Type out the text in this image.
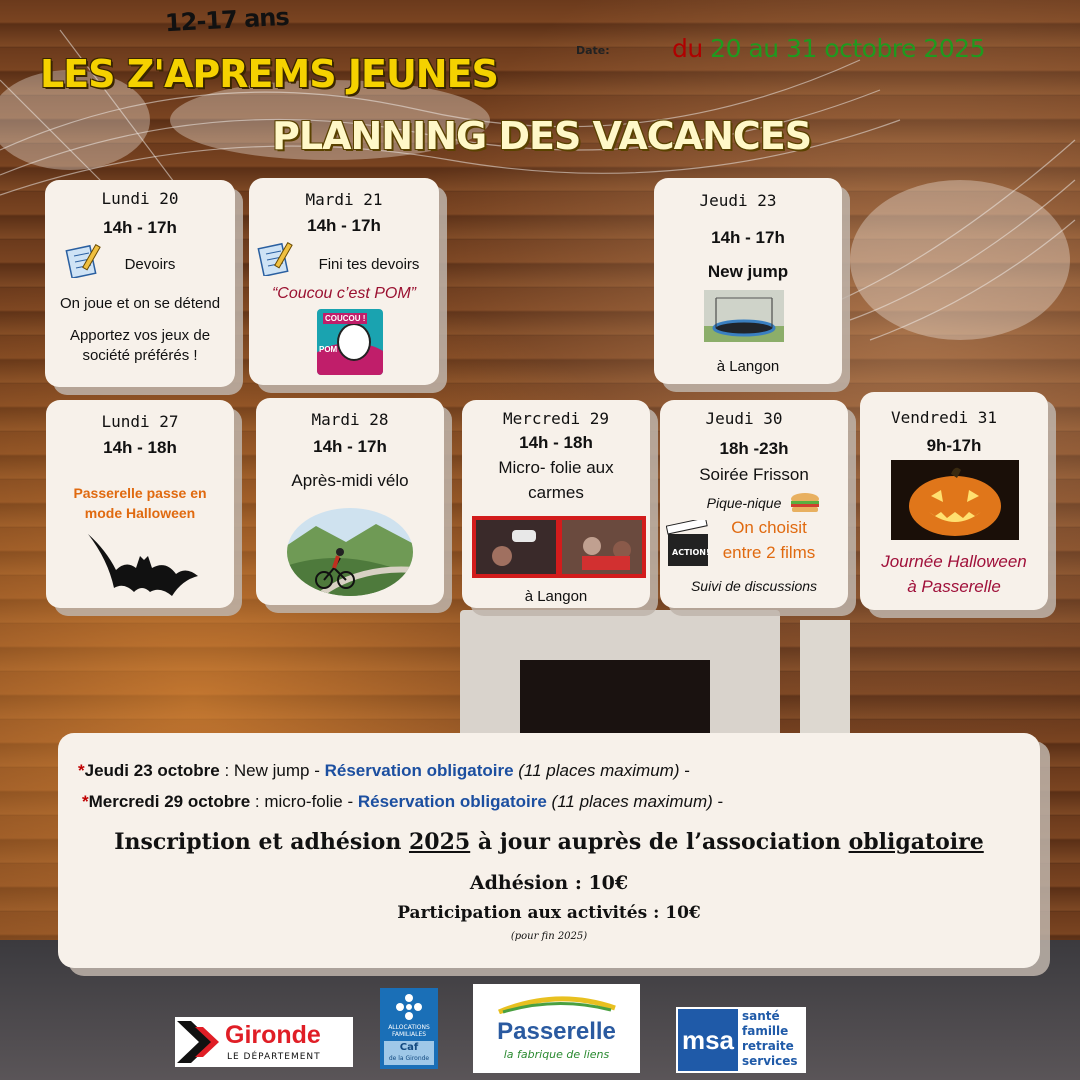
12-17 ans
LES Z'APREMS JEUNES
Date: du 20 au 31 octobre 2025
PLANNING DES VACANCES
Lundi 20
14h - 17h
Devoirs
On joue et on se détend
Apportez vos jeux de
société préférés !
Mardi 21
14h - 17h
Fini tes devoirs
“Coucou c’est POM”
COUCOU !
POM
Jeudi 23
14h - 17h
New jump
à Langon
Lundi 27
14h - 18h
Passerelle passe en
mode Halloween
Mardi 28
14h - 17h
Après-midi vélo
Mercredi 29
14h - 18h
Micro- folie aux
carmes
à Langon
Jeudi 30
18h -23h
Soirée Frisson
Pique-nique
ACTION!
On choisit
entre 2 films
Suivi de discussions
Vendredi 31
9h-17h
Journée Halloween
à Passerelle
*Jeudi 23 octobre : New jump - Réservation obligatoire (11 places maximum) -
*Mercredi 29 octobre : micro-folie - Réservation obligatoire (11 places maximum) -
Inscription et adhésion 2025 à jour auprès de l’association obligatoire
Adhésion : 10€
Participation aux activités : 10€
(pour fin 2025)
Gironde
LE DÉPARTEMENT
ALLOCATIONS
FAMILIALES
Caf
de la Gironde
Passerelle
la fabrique de liens	msa
santé
famille
retraite
services
